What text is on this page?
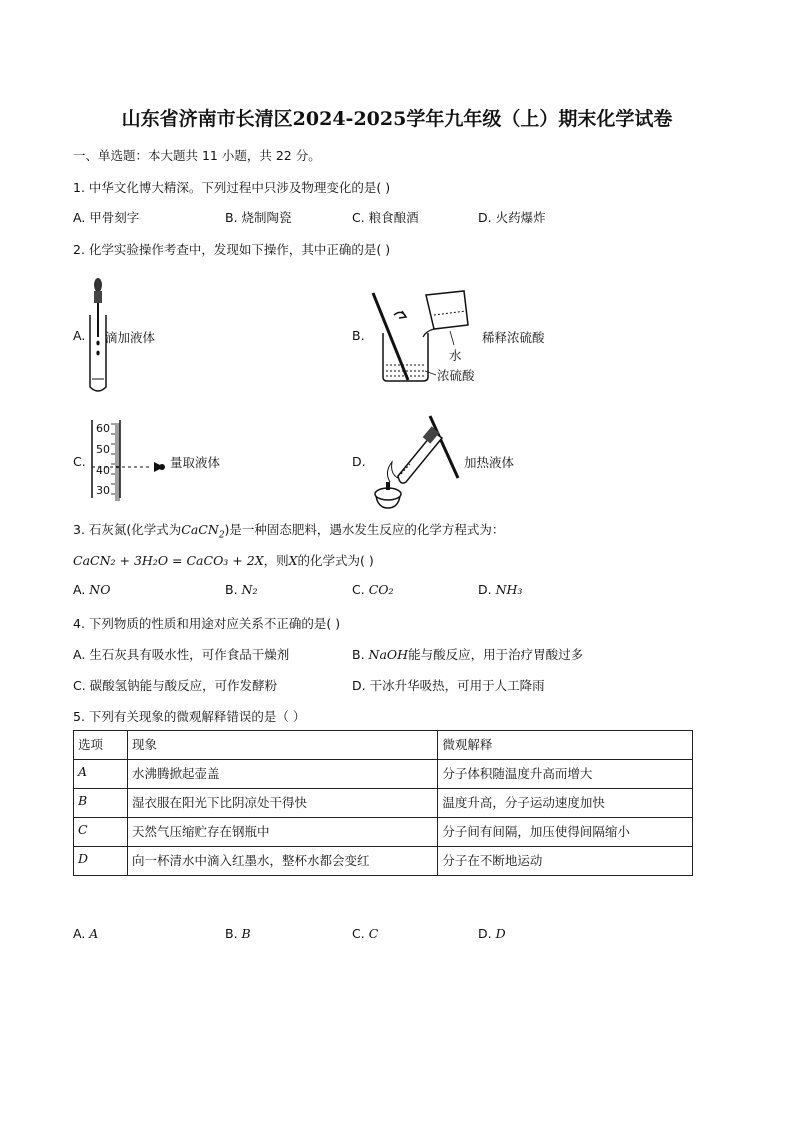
山东省济南市长清区2024-2025学年九年级（上）期末化学试卷
一、单选题：本大题共 11 小题，共 22 分。
1. 中华文化博大精深。下列过程中只涉及物理变化的是( )
A. 甲骨刻字	B. 烧制陶瓷	C. 粮食酿酒	D. 火药爆炸
2. 化学实验操作考查中，发现如下操作，其中正确的是( )
A. 滴加液体	B.
水
浓硫酸
稀释浓硫酸
C.
60
50
40
30
量取液体	D.	加热液体
3. 石灰氮(化学式为CaCN$_2$)是一种固态肥料，遇水发生反应的化学方程式为：
CaCN₂ + 3H₂O = CaCO₃ + 2X，则X的化学式为( )
A. NO	B. N₂	C. CO₂	D. NH₃
4. 下列物质的性质和用途对应关系不正确的是( )
A. 生石灰具有吸水性，可作食品干燥剂	B. NaOH能与酸反应，用于治疗胃酸过多
C. 碳酸氢钠能与酸反应，可作发酵粉	D. 干冰升华吸热，可用于人工降雨
5. 下列有关现象的微观解释错误的是（ ）
选项	现象	微观解释
A	水沸腾掀起壶盖	分子体积随温度升高而增大
B	湿衣服在阳光下比阴凉处干得快	温度升高，分子运动速度加快
C	天然气压缩贮存在钢瓶中	分子间有间隔，加压使得间隔缩小
D	向一杯清水中滴入红墨水，整杯水都会变红	分子在不断地运动
A. A	B. B	C. C	D. D
